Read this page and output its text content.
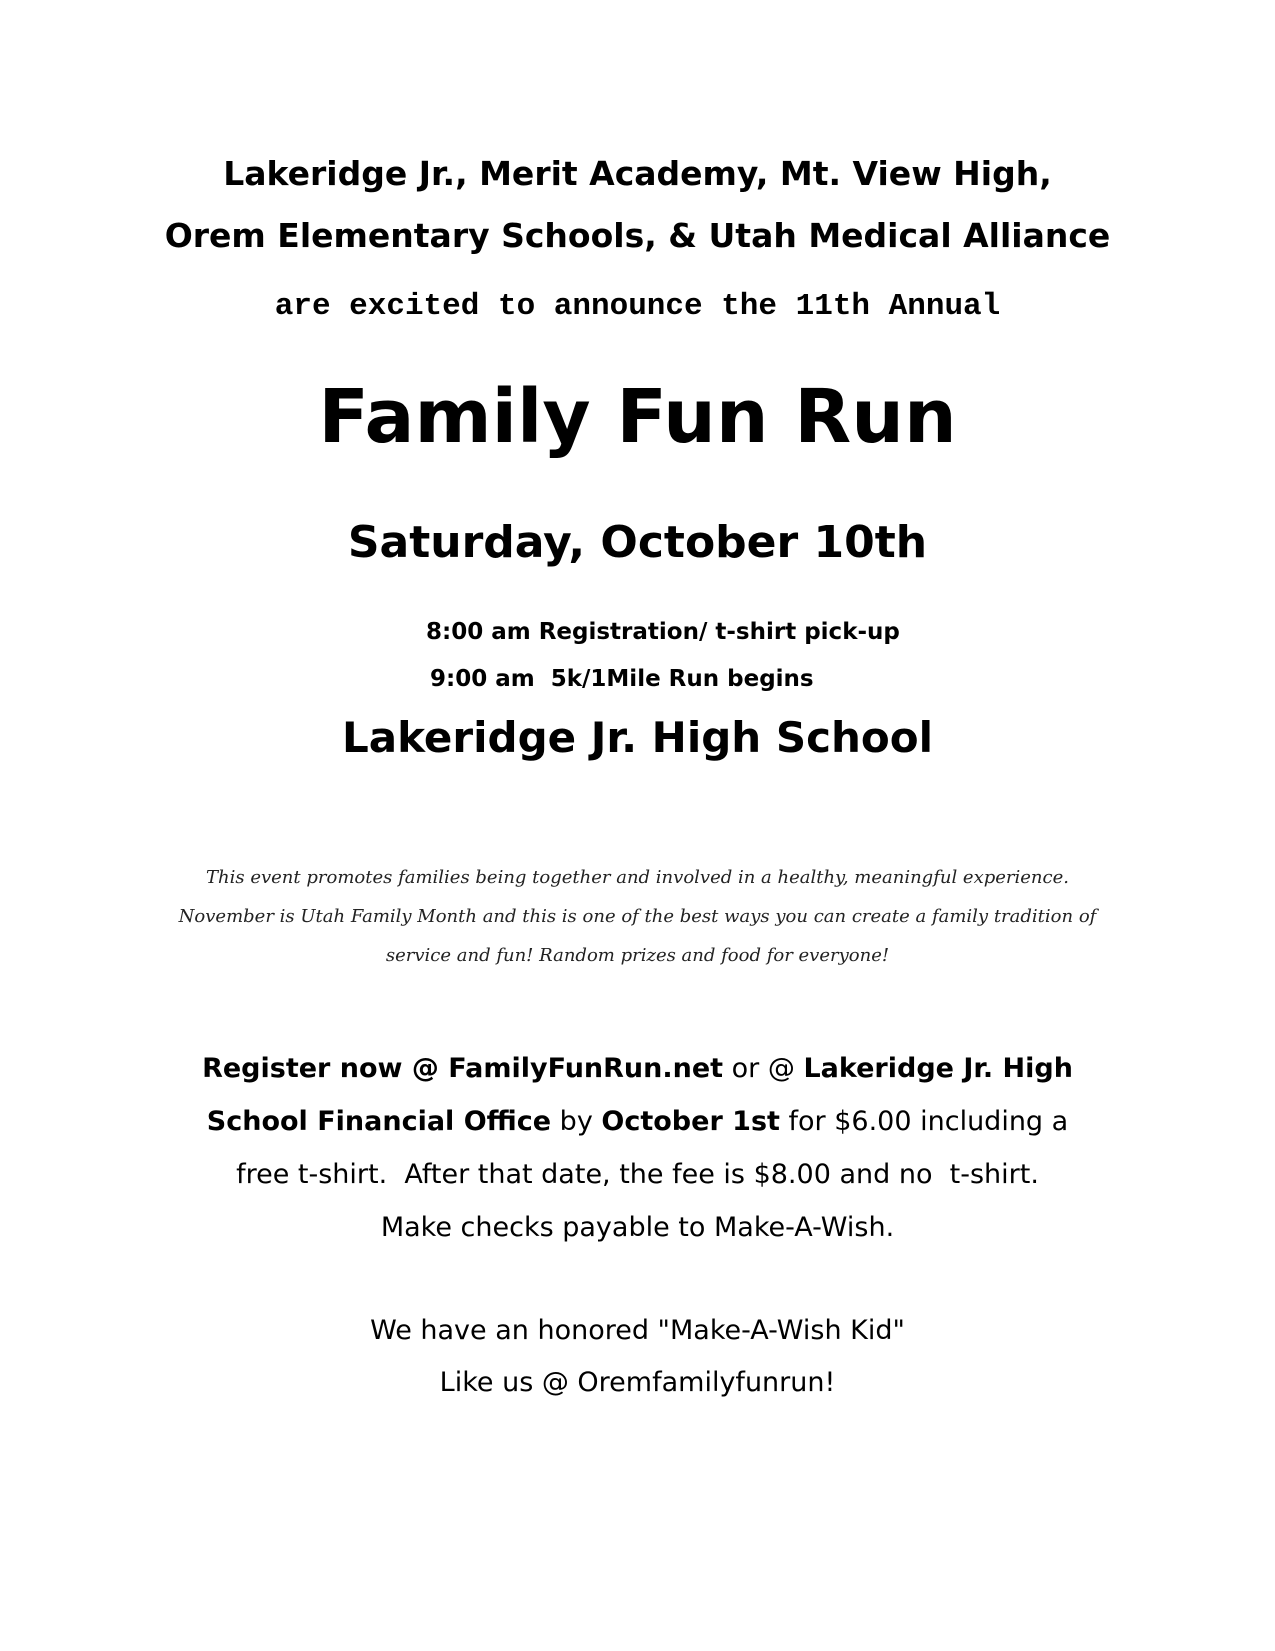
Lakeridge Jr., Merit Academy, Mt. View High,
Orem Elementary Schools, & Utah Medical Alliance
are excited to announce the 11th Annual
Family Fun Run
Saturday, October 10th
8:00 am Registration/ t-shirt pick-up
9:00 am  5k/1Mile Run begins
Lakeridge Jr. High School
This event promotes families being together and involved in a healthy, meaningful experience.
November is Utah Family Month and this is one of the best ways you can create a family tradition of
service and fun! Random prizes and food for everyone!
Register now @ FamilyFunRun.net or @ Lakeridge Jr. High
School Financial Office by October 1st for $6.00 including a
free t-shirt.  After that date, the fee is $8.00 and no  t-shirt.
Make checks payable to Make-A-Wish.
We have an honored "Make-A-Wish Kid"
Like us @ Oremfamilyfunrun!
